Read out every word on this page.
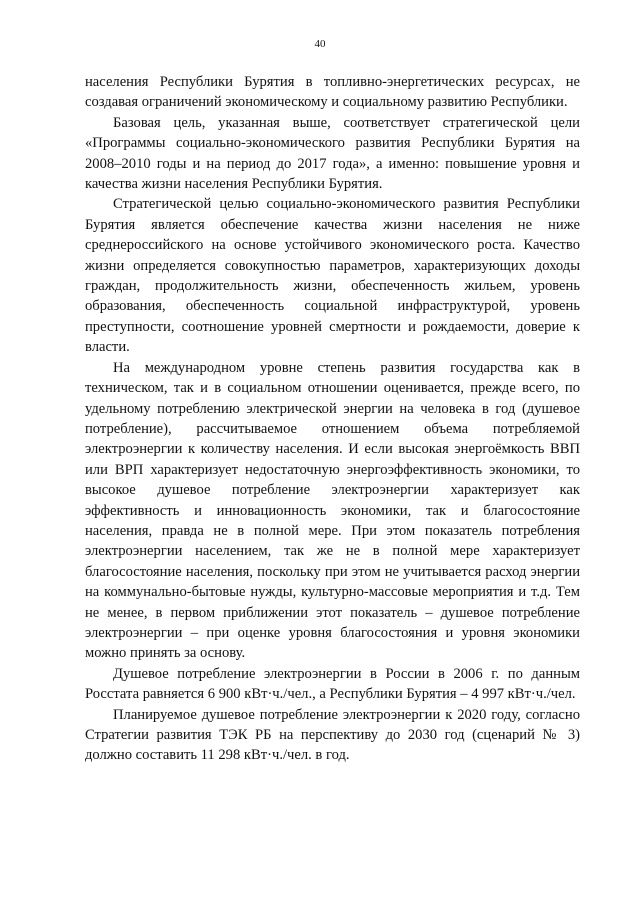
40

населения Республики Бурятия в топливно-энергетических ресурсах, не создавая ограничений экономическому и социальному развитию Республики.

Базовая цель, указанная выше, соответствует стратегической цели «Программы социально-экономического развития Республики Бурятия на 2008–2010 годы и на период до 2017 года», а именно: повышение уровня и качества жизни населения Республики Бурятия.

Стратегической целью социально-экономического развития Республики Бурятия является обеспечение качества жизни населения не ниже среднероссийского на основе устойчивого экономического роста. Качество жизни определяется совокупностью параметров, характеризующих доходы граждан, продолжительность жизни, обеспеченность жильем, уровень образования, обеспеченность социальной инфраструктурой, уровень преступности, соотношение уровней смертности и рождаемости, доверие к власти.

На международном уровне степень развития государства как в техническом, так и в социальном отношении оценивается, прежде всего, по удельному потреблению электрической энергии на человека в год (душевое потребление), рассчитываемое отношением объема потребляемой электроэнергии к количеству населения. И если высокая энергоёмкость ВВП или ВРП характеризует недостаточную энергоэффективность экономики, то высокое душевое потребление электроэнергии характеризует как эффективность и инновационность экономики, так и благосостояние населения, правда не в полной мере. При этом показатель потребления электроэнергии населением, так же не в полной мере характеризует благосостояние населения, поскольку при этом не учитывается расход энергии на коммунально-бытовые нужды, культурно-массовые мероприятия и т.д. Тем не менее, в первом приближении этот показатель – душевое потребление электроэнергии – при оценке уровня благосостояния и уровня экономики можно принять за основу.

Душевое потребление электроэнергии в России в 2006 г. по данным Росстата равняется 6 900 кВт·ч./чел., а Республики Бурятия – 4 997 кВт·ч./чел.

Планируемое душевое потребление электроэнергии к 2020 году, согласно Стратегии развития ТЭК РБ на перспективу до 2030 год (сценарий № 3) должно составить 11 298 кВт·ч./чел. в год.
